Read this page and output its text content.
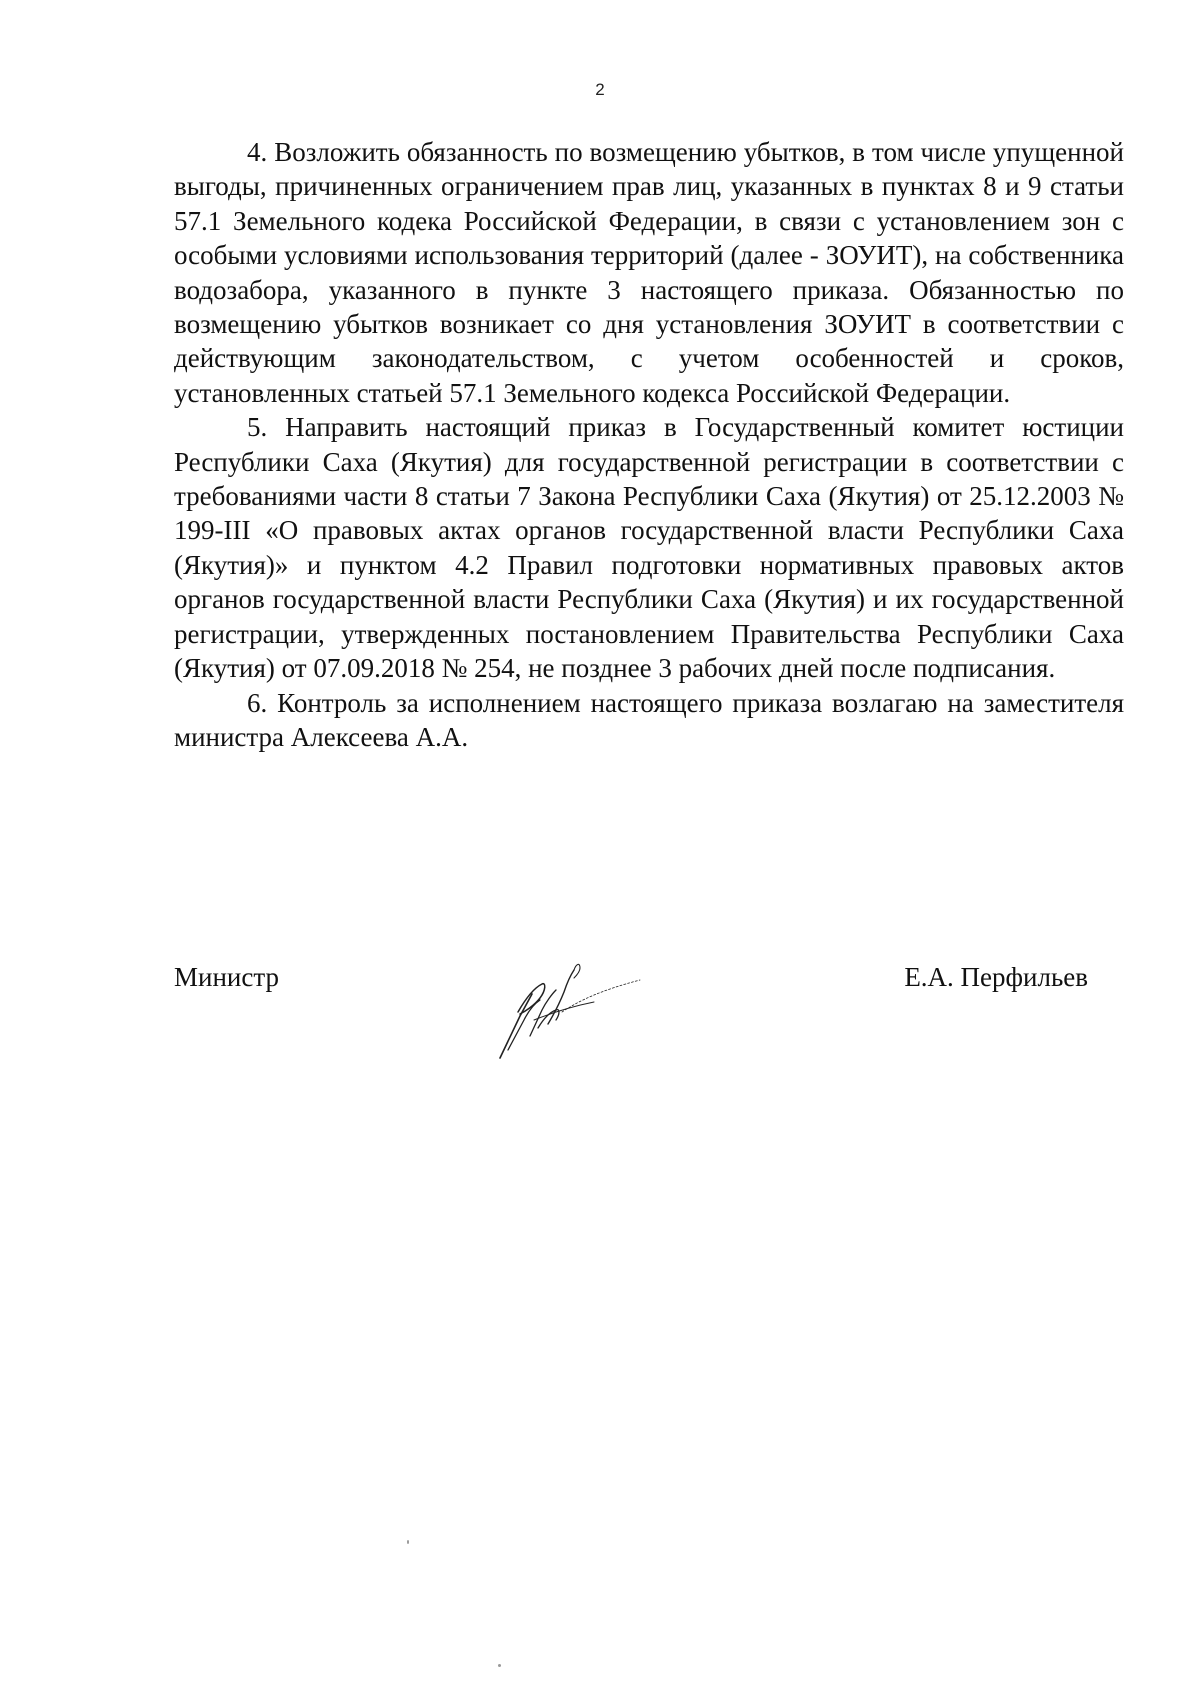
2

4. Возложить обязанность по возмещению убытков, в том числе упущенной выгоды, причиненных ограничением прав лиц, указанных в пунктах 8 и 9 статьи 57.1 Земельного кодека Российской Федерации, в связи с установлением зон с особыми условиями использования территорий (далее - ЗОУИТ), на собственника водозабора, указанного в пункте 3 настоящего приказа. Обязанностью по возмещению убытков возникает со дня установления ЗОУИТ в соответствии с действующим законодательством, с учетом особенностей и сроков, установленных статьей 57.1 Земельного кодекса Российской Федерации.

5. Направить настоящий приказ в Государственный комитет юстиции Республики Саха (Якутия) для государственной регистрации в соответствии с требованиями части 8 статьи 7 Закона Республики Саха (Якутия) от 25.12.2003 № 199-III «О правовых актах органов государственной власти Республики Саха (Якутия)» и пунктом 4.2 Правил подготовки нормативных правовых актов органов государственной власти Республики Саха (Якутия) и их государственной регистрации, утвержденных постановлением Правительства Республики Саха (Якутия) от 07.09.2018 № 254, не позднее 3 рабочих дней после подписания.

6. Контроль за исполнением настоящего приказа возлагаю на заместителя министра Алексеева А.А.

Министр	Е.А. Перфильев
